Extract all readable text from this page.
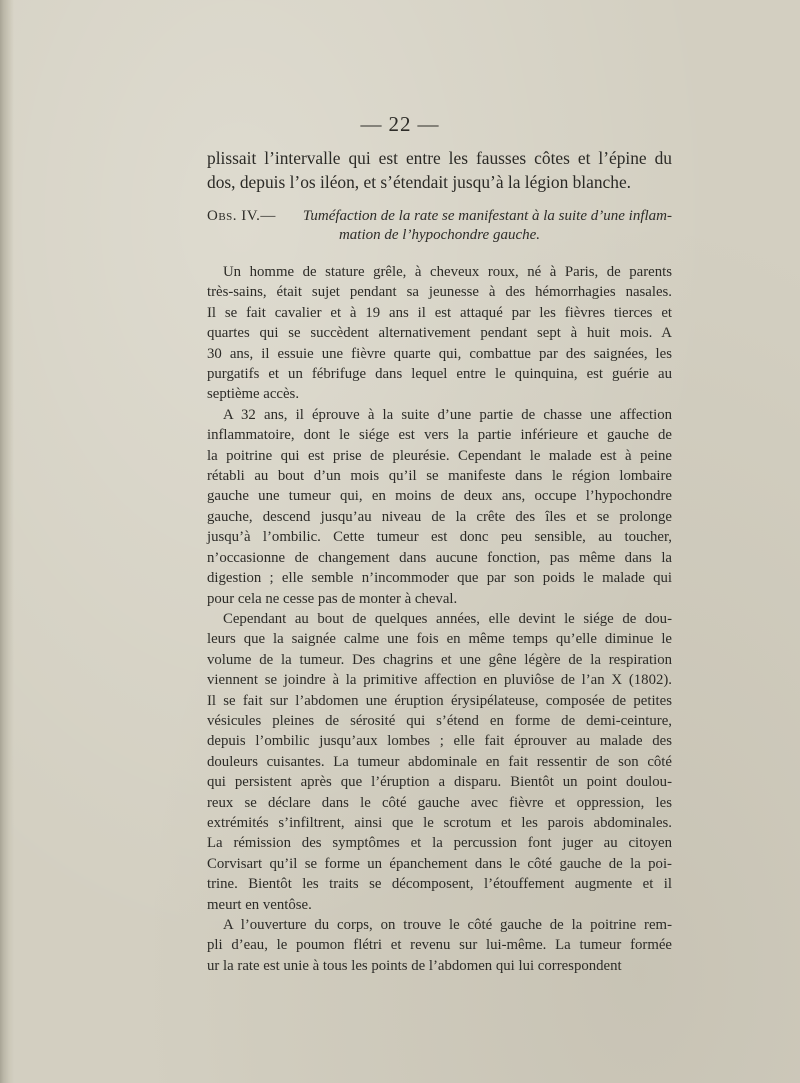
— 22 —
plissait l’intervalle qui est entre les fausses côtes et l’épine du
dos, depuis l’os iléon, et s’étendait jusqu’à la légion blanche.
Obs. IV.— Tuméfaction de la rate se manifestant à la suite d’une inflam-
mation de l’hypochondre gauche.

Un homme de stature grêle, à cheveux roux, né à Paris, de parents
très-sains, était sujet pendant sa jeunesse à des hémorrhagies nasales.
Il se fait cavalier et à 19 ans il est attaqué par les fièvres tierces et
quartes qui se succèdent alternativement pendant sept à huit mois. A
30 ans, il essuie une fièvre quarte qui, combattue par des saignées, les
purgatifs et un fébrifuge dans lequel entre le quinquina, est guérie au
septième accès.

A 32 ans, il éprouve à la suite d’une partie de chasse une affection
inflammatoire, dont le siége est vers la partie inférieure et gauche de
la poitrine qui est prise de pleurésie. Cependant le malade est à peine
rétabli au bout d’un mois qu’il se manifeste dans le région lombaire
gauche une tumeur qui, en moins de deux ans, occupe l’hypochondre
gauche, descend jusqu’au niveau de la crête des îles et se prolonge
jusqu’à l’ombilic. Cette tumeur est donc peu sensible, au toucher,
n’occasionne de changement dans aucune fonction, pas même dans la
digestion ; elle semble n’incommoder que par son poids le malade qui
pour cela ne cesse pas de monter à cheval.

Cependant au bout de quelques années, elle devint le siége de dou-
leurs que la saignée calme une fois en même temps qu’elle diminue le
volume de la tumeur. Des chagrins et une gêne légère de la respiration
viennent se joindre à la primitive affection en pluviôse de l’an X (1802).
Il se fait sur l’abdomen une éruption érysipélateuse, composée de petites
vésicules pleines de sérosité qui s’étend en forme de demi-ceinture,
depuis l’ombilic jusqu’aux lombes ; elle fait éprouver au malade des
douleurs cuisantes. La tumeur abdominale en fait ressentir de son côté
qui persistent après que l’éruption a disparu. Bientôt un point doulou-
reux se déclare dans le côté gauche avec fièvre et oppression, les
extrémités s’infiltrent, ainsi que le scrotum et les parois abdominales.
La rémission des symptômes et la percussion font juger au citoyen
Corvisart qu’il se forme un épanchement dans le côté gauche de la poi-
trine. Bientôt les traits se décomposent, l’étouffement augmente et il
meurt en ventôse.

A l’ouverture du corps, on trouve le côté gauche de la poitrine rem-
pli d’eau, le poumon flétri et revenu sur lui-même. La tumeur formée
ur la rate est unie à tous les points de l’abdomen qui lui correspondent
